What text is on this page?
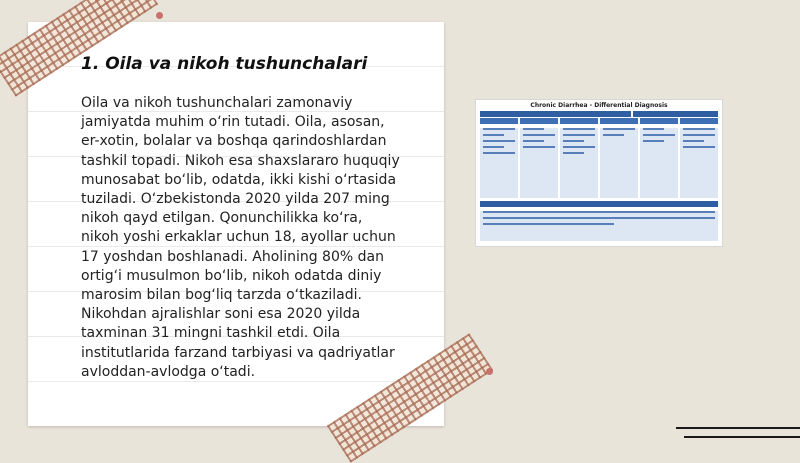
1. Oila va nikoh tushunchalari

Oila va nikoh tushunchalari zamonaviy jamiyatda muhim o‘rin tutadi. Oila, asosan, er-xotin, bolalar va boshqa qarindoshlardan tashkil topadi. Nikoh esa shaxslararo huquqiy munosabat bo‘lib, odatda, ikki kishi o‘rtasida tuziladi. O‘zbekistonda 2020 yilda 207 ming nikoh qayd etilgan. Qonunchilikka ko‘ra, nikoh yoshi erkaklar uchun 18, ayollar uchun 17 yoshdan boshlanadi. Aholining 80% dan ortig‘i musulmon bo‘lib, nikoh odatda diniy marosim bilan bog‘liq tarzda o‘tkaziladi. Nikohdan ajralishlar soni esa 2020 yilda taxminan 31 mingni tashkil etdi. Oila institutlarida farzand tarbiyasi va qadriyatlar avloddan-avlodga o‘tadi.

Chronic Diarrhea - Differential Diagnosis
